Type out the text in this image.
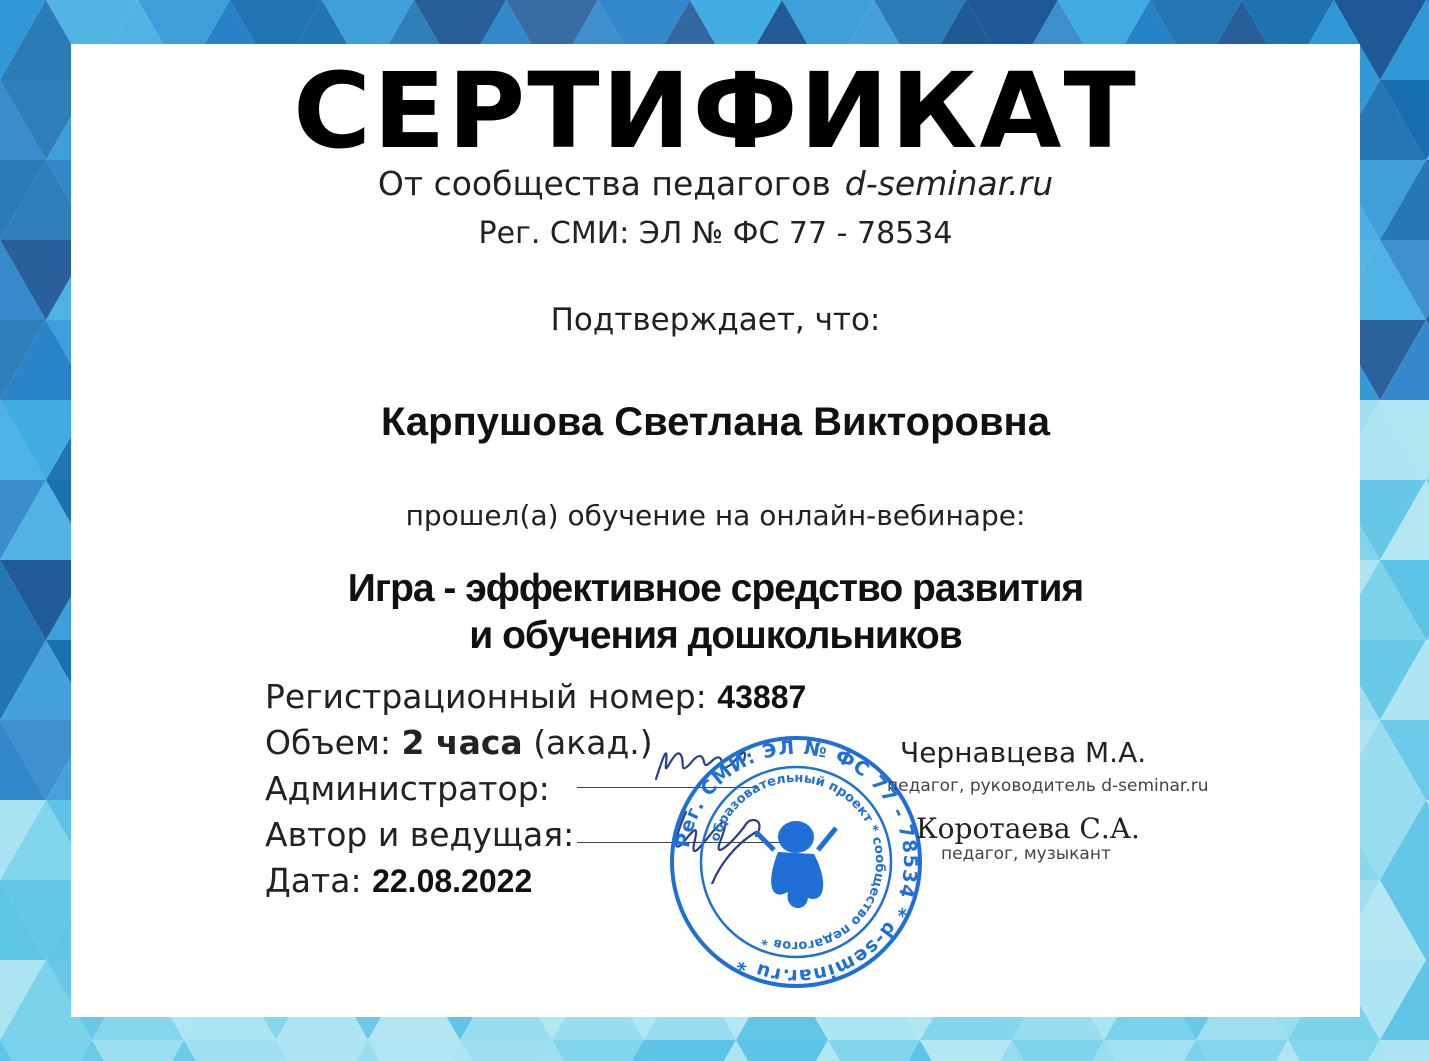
СЕРТИФИКАТ
От сообщества педагогов d-seminar.ru
Рег. СМИ: ЭЛ № ФС 77 - 78534
Подтверждает, что:
Карпушова Светлана Викторовна
прошел(а) обучение на онлайн-вебинаре:
Игра - эффективное средство развития
и обучения дошкольников
Регистрационный номер: 43887
Объем: 2 часа (акад.)
Администратор:
Автор и ведущая:
Дата: 22.08.2022
Рег. СМИ: ЭЛ № ФС 77 - 78534 * d-seminar.ru *
образовательный проект * сообщество педагогов *
Чернавцева М.А.
педагог, руководитель d-seminar.ru
Коротаева С.А.
педагог, музыкант
